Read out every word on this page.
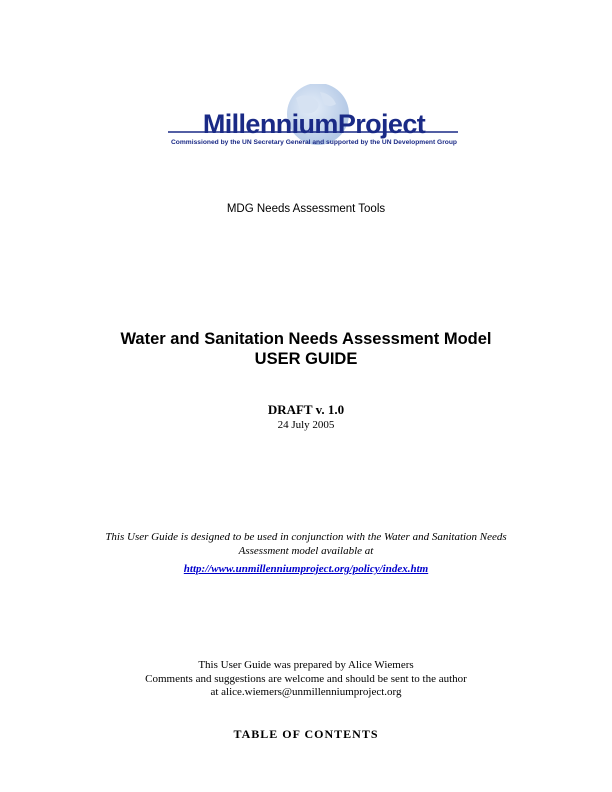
MillenniumProject
Commissioned by the UN Secretary General and supported by the UN Development Group
MDG Needs Assessment Tools
Water and Sanitation Needs Assessment Model
USER GUIDE
DRAFT v. 1.0
24 July 2005
This User Guide is designed to be used in conjunction with the Water and Sanitation Needs
Assessment model available at
http://www.unmillenniumproject.org/policy/index.htm
This User Guide was prepared by Alice Wiemers
Comments and suggestions are welcome and should be sent to the author
at alice.wiemers@unmillenniumproject.org
TABLE OF CONTENTS
